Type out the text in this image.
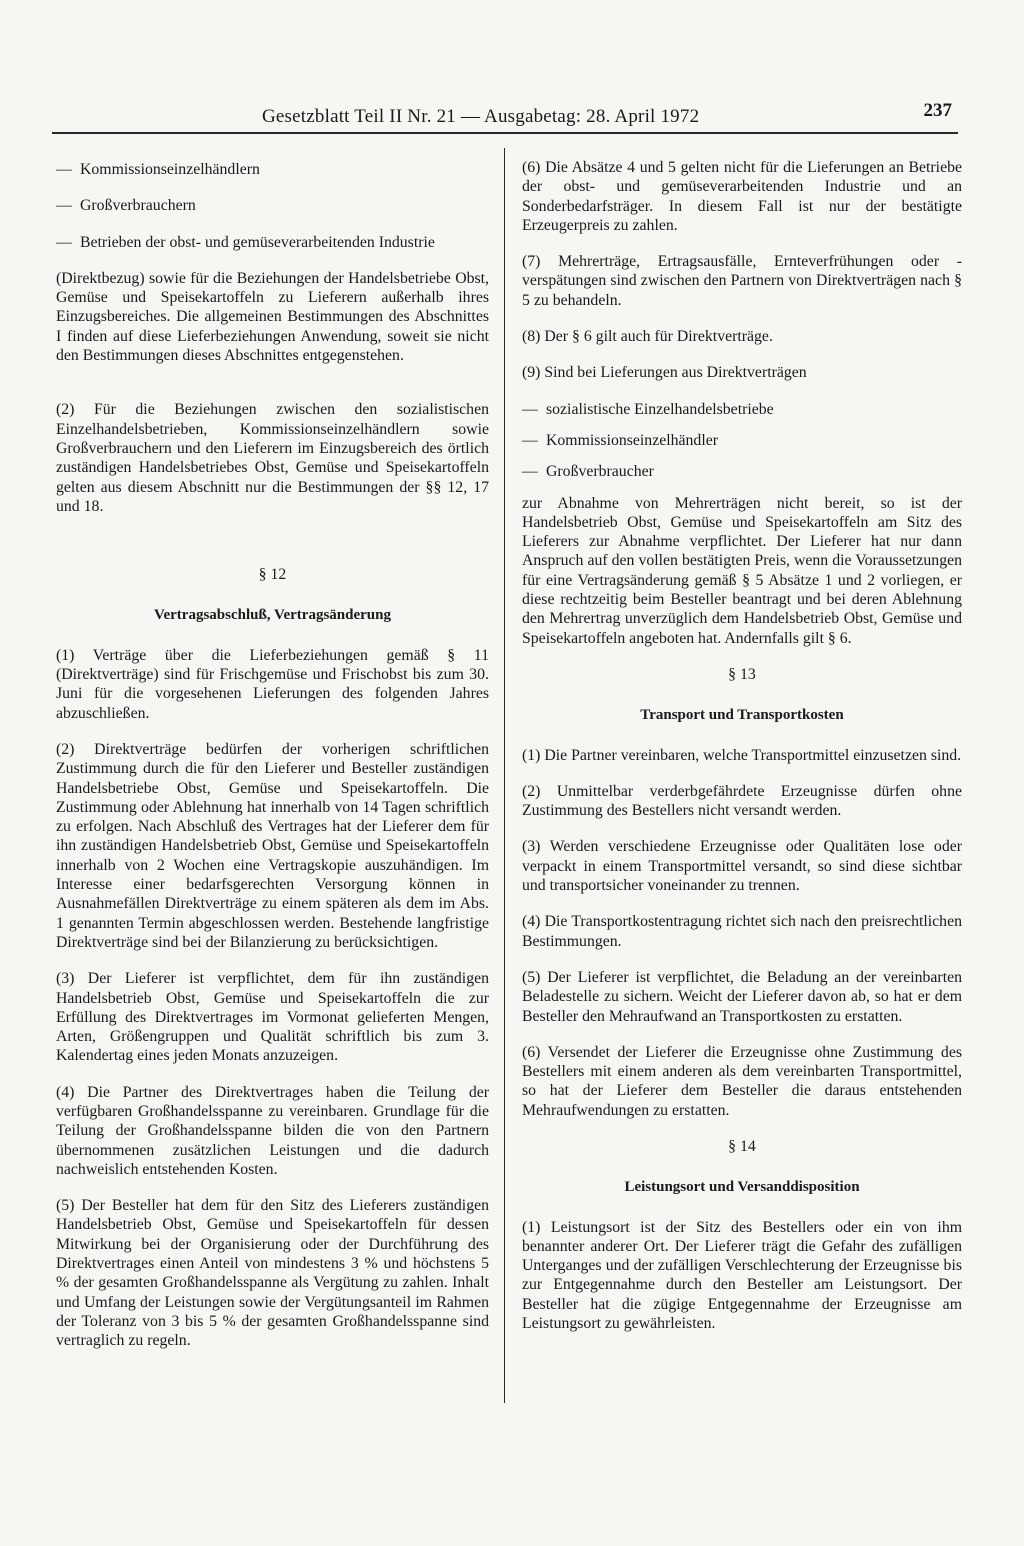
Gesetzblatt Teil II Nr. 21 — Ausgabetag: 28. April 1972	237
— Kommissionseinzelhändlern
— Großverbrauchern
— Betrieben der obst- und gemüseverarbeitenden Industrie

(Direktbezug) sowie für die Beziehungen der Handelsbetriebe Obst, Gemüse und Speisekartoffeln zu Lieferern außerhalb ihres Einzugsbereiches. Die allgemeinen Bestimmungen des Abschnittes I finden auf diese Lieferbeziehungen Anwendung, soweit sie nicht den Bestimmungen dieses Abschnittes entgegenstehen.

(2) Für die Beziehungen zwischen den sozialistischen Einzelhandelsbetrieben, Kommissionseinzelhändlern sowie Großverbrauchern und den Lieferern im Einzugsbereich des örtlich zuständigen Handelsbetriebes Obst, Gemüse und Speisekartoffeln gelten aus diesem Abschnitt nur die Bestimmungen der §§ 12, 17 und 18.

§ 12
Vertragsabschluß, Vertragsänderung

(1) Verträge über die Lieferbeziehungen gemäß § 11 (Direktverträge) sind für Frischgemüse und Frischobst bis zum 30. Juni für die vorgesehenen Lieferungen des folgenden Jahres abzuschließen.

(2) Direktverträge bedürfen der vorherigen schriftlichen Zustimmung durch die für den Lieferer und Besteller zuständigen Handelsbetriebe Obst, Gemüse und Speisekartoffeln. Die Zustimmung oder Ablehnung hat innerhalb von 14 Tagen schriftlich zu erfolgen. Nach Abschluß des Vertrages hat der Lieferer dem für ihn zuständigen Handelsbetrieb Obst, Gemüse und Speisekartoffeln innerhalb von 2 Wochen eine Vertragskopie auszuhändigen. Im Interesse einer bedarfsgerechten Versorgung können in Ausnahmefällen Direktverträge zu einem späteren als dem im Abs. 1 genannten Termin abgeschlossen werden. Bestehende langfristige Direktverträge sind bei der Bilanzierung zu berücksichtigen.

(3) Der Lieferer ist verpflichtet, dem für ihn zuständigen Handelsbetrieb Obst, Gemüse und Speisekartoffeln die zur Erfüllung des Direktvertrages im Vormonat gelieferten Mengen, Arten, Größengruppen und Qualität schriftlich bis zum 3. Kalendertag eines jeden Monats anzuzeigen.

(4) Die Partner des Direktvertrages haben die Teilung der verfügbaren Großhandelsspanne zu vereinbaren. Grundlage für die Teilung der Großhandelsspanne bilden die von den Partnern übernommenen zusätzlichen Leistungen und die dadurch nachweislich entstehenden Kosten.

(5) Der Besteller hat dem für den Sitz des Lieferers zuständigen Handelsbetrieb Obst, Gemüse und Speisekartoffeln für dessen Mitwirkung bei der Organisierung oder der Durchführung des Direktvertrages einen Anteil von mindestens 3 % und höchstens 5 % der gesamten Großhandelsspanne als Vergütung zu zahlen. Inhalt und Umfang der Leistungen sowie der Vergütungsanteil im Rahmen der Toleranz von 3 bis 5 % der gesamten Großhandelsspanne sind vertraglich zu regeln.

(6) Die Absätze 4 und 5 gelten nicht für die Lieferungen an Betriebe der obst- und gemüseverarbeitenden Industrie und an Sonderbedarfsträger. In diesem Fall ist nur der bestätigte Erzeugerpreis zu zahlen.

(7) Mehrerträge, Ertragsausfälle, Ernteverfrühungen oder -verspätungen sind zwischen den Partnern von Direktverträgen nach § 5 zu behandeln.

(8) Der § 6 gilt auch für Direktverträge.

(9) Sind bei Lieferungen aus Direktverträgen

— sozialistische Einzelhandelsbetriebe
— Kommissionseinzelhändler
— Großverbraucher

zur Abnahme von Mehrerträgen nicht bereit, so ist der Handelsbetrieb Obst, Gemüse und Speisekartoffeln am Sitz des Lieferers zur Abnahme verpflichtet. Der Lieferer hat nur dann Anspruch auf den vollen bestätigten Preis, wenn die Voraussetzungen für eine Vertragsänderung gemäß § 5 Absätze 1 und 2 vorliegen, er diese rechtzeitig beim Besteller beantragt und bei deren Ablehnung den Mehrertrag unverzüglich dem Handelsbetrieb Obst, Gemüse und Speisekartoffeln angeboten hat. Andernfalls gilt § 6.

§ 13
Transport und Transportkosten

(1) Die Partner vereinbaren, welche Transportmittel einzusetzen sind.

(2) Unmittelbar verderbgefährdete Erzeugnisse dürfen ohne Zustimmung des Bestellers nicht versandt werden.

(3) Werden verschiedene Erzeugnisse oder Qualitäten lose oder verpackt in einem Transportmittel versandt, so sind diese sichtbar und transportsicher voneinander zu trennen.

(4) Die Transportkostentragung richtet sich nach den preisrechtlichen Bestimmungen.

(5) Der Lieferer ist verpflichtet, die Beladung an der vereinbarten Beladestelle zu sichern. Weicht der Lieferer davon ab, so hat er dem Besteller den Mehraufwand an Transportkosten zu erstatten.

(6) Versendet der Lieferer die Erzeugnisse ohne Zustimmung des Bestellers mit einem anderen als dem vereinbarten Transportmittel, so hat der Lieferer dem Besteller die daraus entstehenden Mehraufwendungen zu erstatten.

§ 14
Leistungsort und Versanddisposition

(1) Leistungsort ist der Sitz des Bestellers oder ein von ihm benannter anderer Ort. Der Lieferer trägt die Gefahr des zufälligen Unterganges und der zufälligen Verschlechterung der Erzeugnisse bis zur Entgegennahme durch den Besteller am Leistungsort. Der Besteller hat die zügige Entgegennahme der Erzeugnisse am Leistungsort zu gewährleisten.
